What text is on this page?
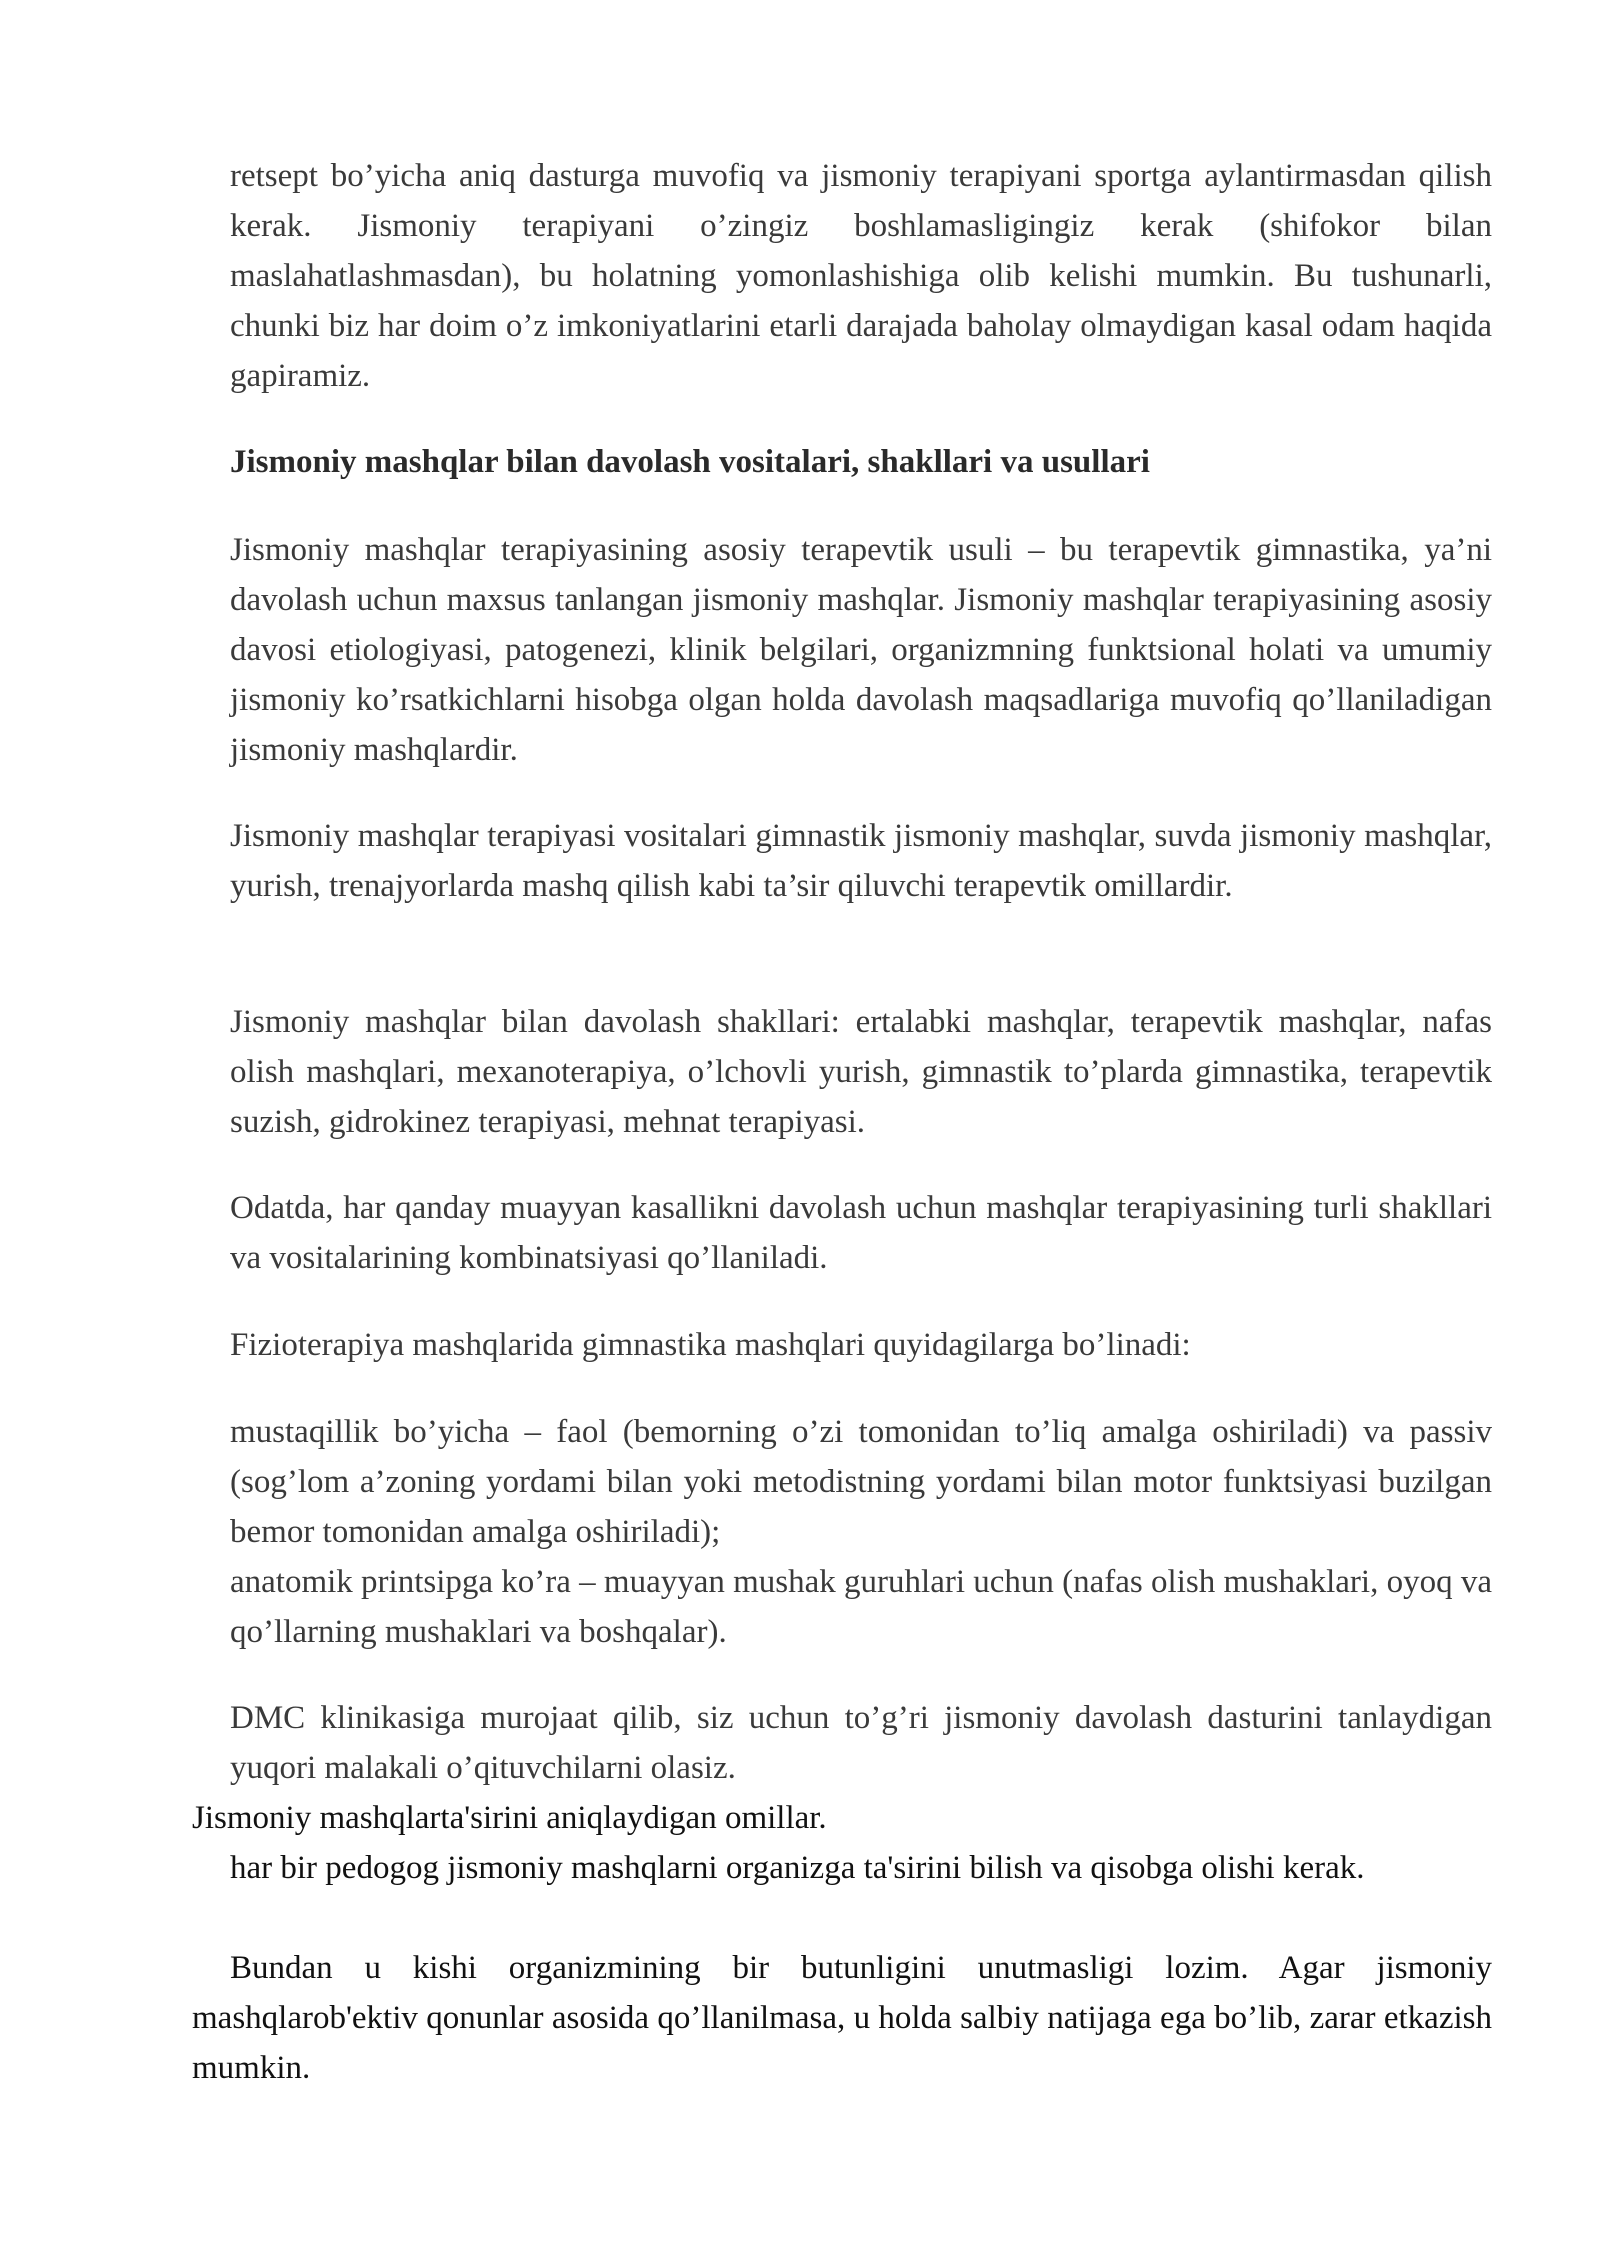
retsept bo’yicha aniq dasturga muvofiq va jismoniy terapiyani sportga aylantirmasdan qilish kerak. Jismoniy terapiyani o’zingiz boshlamasligingiz kerak (shifokor bilan maslahatlashmasdan), bu holatning yomonlashishiga olib kelishi mumkin. Bu tushunarli, chunki biz har doim o’z imkoniyatlarini etarli darajada baholay olmaydigan kasal odam haqida gapiramiz.

Jismoniy mashqlar bilan davolash vositalari, shakllari va usullari

Jismoniy mashqlar terapiyasining asosiy terapevtik usuli – bu terapevtik gimnastika, ya’ni davolash uchun maxsus tanlangan jismoniy mashqlar. Jismoniy mashqlar terapiyasining asosiy davosi etiologiyasi, patogenezi, klinik belgilari, organizmning funktsional holati va umumiy jismoniy ko’rsatkichlarni hisobga olgan holda davolash maqsadlariga muvofiq qo’llaniladigan jismoniy mashqlardir.

Jismoniy mashqlar terapiyasi vositalari gimnastik jismoniy mashqlar, suvda jismoniy mashqlar, yurish, trenajyorlarda mashq qilish kabi ta’sir qiluvchi terapevtik omillardir.

Jismoniy mashqlar bilan davolash shakllari: ertalabki mashqlar, terapevtik mashqlar, nafas olish mashqlari, mexanoterapiya, o’lchovli yurish, gimnastik to’plarda gimnastika, terapevtik suzish, gidrokinez terapiyasi, mehnat terapiyasi.

Odatda, har qanday muayyan kasallikni davolash uchun mashqlar terapiyasining turli shakllari va vositalarining kombinatsiyasi qo’llaniladi.

Fizioterapiya mashqlarida gimnastika mashqlari quyidagilarga bo’linadi:

mustaqillik bo’yicha – faol (bemorning o’zi tomonidan to’liq amalga oshiriladi) va passiv (sog’lom a’zoning yordami bilan yoki metodistning yordami bilan motor funktsiyasi buzilgan bemor tomonidan amalga oshiriladi);

anatomik printsipga ko’ra – muayyan mushak guruhlari uchun (nafas olish mushaklari, oyoq va qo’llarning mushaklari va boshqalar).

DMC klinikasiga murojaat qilib, siz uchun to’g’ri jismoniy davolash dasturini tanlaydigan yuqori malakali o’qituvchilarni olasiz.

Jismoniy mashqlarta'sirini aniqlaydigan omillar.

har bir pedogog jismoniy mashqlarni organizga ta'sirini bilish va qisobga olishi kerak.

Bundan u kishi organizmining bir butunligini unutmasligi lozim. Agar jismoniy mashqlarob'ektiv qonunlar asosida qo’llanilmasa, u holda salbiy natijaga ega bo’lib, zarar etkazish mumkin.
